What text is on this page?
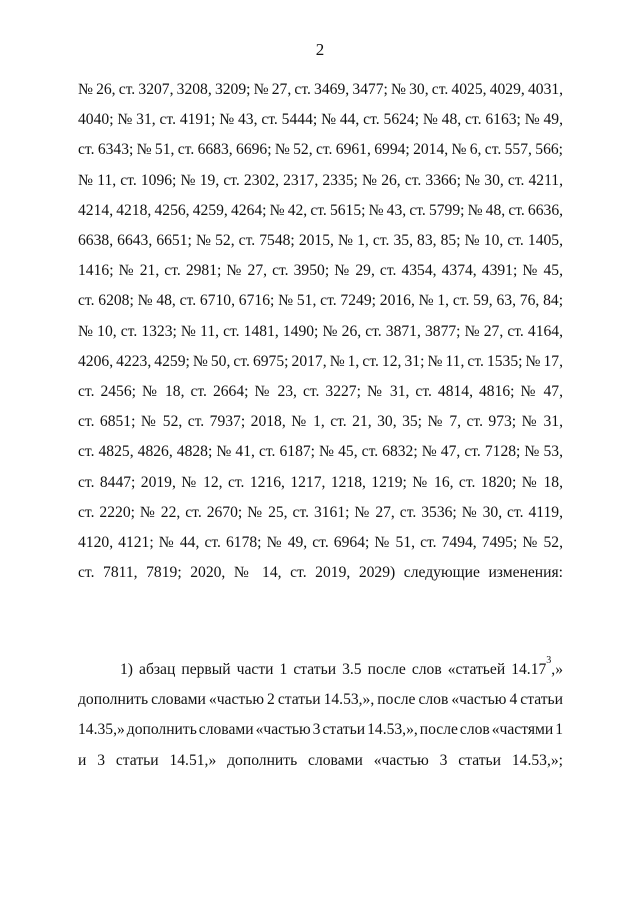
2
№ 26, ст. 3207, 3208, 3209; № 27, ст. 3469, 3477; № 30, ст. 4025, 4029, 4031,
4040; № 31, ст. 4191; № 43, ст. 5444; № 44, ст. 5624; № 48, ст. 6163; № 49,
ст. 6343; № 51, ст. 6683, 6696; № 52, ст. 6961, 6994; 2014, № 6, ст. 557, 566;
№ 11, ст. 1096; № 19, ст. 2302, 2317, 2335; № 26, ст. 3366; № 30, ст. 4211,
4214, 4218, 4256, 4259, 4264; № 42, ст. 5615; № 43, ст. 5799; № 48, ст. 6636,
6638, 6643, 6651; № 52, ст. 7548; 2015, № 1, ст. 35, 83, 85; № 10, ст. 1405,
1416; № 21, ст. 2981; № 27, ст. 3950; № 29, ст. 4354, 4374, 4391; № 45,
ст. 6208; № 48, ст. 6710, 6716; № 51, ст. 7249; 2016, № 1, ст. 59, 63, 76, 84;
№ 10, ст. 1323; № 11, ст. 1481, 1490; № 26, ст. 3871, 3877; № 27, ст. 4164,
4206, 4223, 4259; № 50, ст. 6975; 2017, № 1, ст. 12, 31; № 11, ст. 1535; № 17,
ст. 2456; № 18, ст. 2664; № 23, ст. 3227; № 31, ст. 4814, 4816; № 47,
ст. 6851; № 52, ст. 7937; 2018, № 1, ст. 21, 30, 35; № 7, ст. 973; № 31,
ст. 4825, 4826, 4828; № 41, ст. 6187; № 45, ст. 6832; № 47, ст. 7128; № 53,
ст. 8447; 2019, № 12, ст. 1216, 1217, 1218, 1219; № 16, ст. 1820; № 18,
ст. 2220; № 22, ст. 2670; № 25, ст. 3161; № 27, ст. 3536; № 30, ст. 4119,
4120, 4121; № 44, ст. 6178; № 49, ст. 6964; № 51, ст. 7494, 7495; № 52,
ст. 7811, 7819; 2020, № 14, ст. 2019, 2029) следующие изменения:
1) абзац первый части 1 статьи 3.5 после слов «статьей 14.17$^3$,»
дополнить словами «частью 2 статьи 14.53,», после слов «частью 4 статьи
14.35,» дополнить словами «частью 3 статьи 14.53,», после слов «частями 1
и 3 статьи 14.51,» дополнить словами «частью 3 статьи 14.53,»;
